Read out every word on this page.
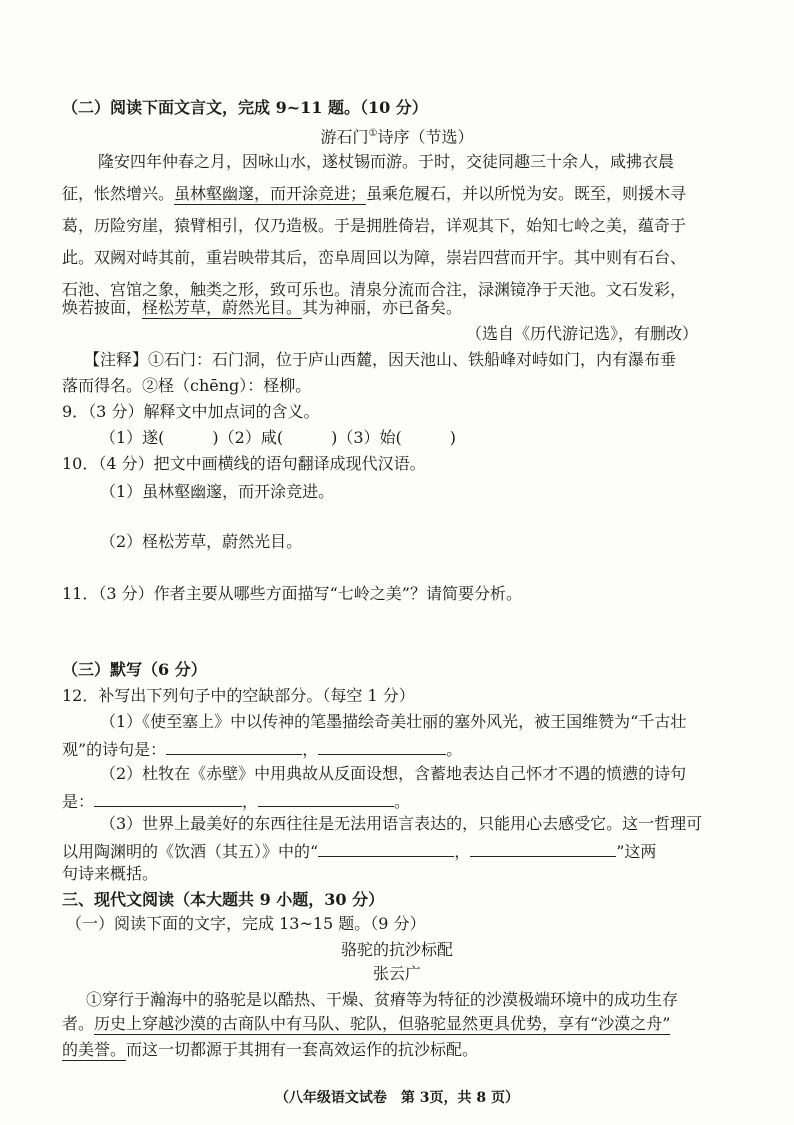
（二）阅读下面文言文，完成 9~11 题。（10 分）
游石门①诗序（节选）
隆安四年仲春之月，因咏山水，遂杖锡而游。于时，交徒同趣三十余人，咸拂衣晨
征，怅然增兴。虽林壑幽邃，而开涂竞进；虽乘危履石，并以所悦为安。既至，则援木寻
葛，历险穷崖，猿臂相引，仅乃造极。于是拥胜倚岩，详观其下，始知七岭之美，蕴奇于
此。双阙对峙其前，重岩映带其后，峦阜周回以为障，崇岩四营而开宇。其中则有石台、
石池、宫馆之象，触类之形，致可乐也。清泉分流而合注，渌渊镜净于天池。文石发彩，
焕若披面，柽松芳草，蔚然光目。其为神丽，亦已备矣。
（选自《历代游记选》，有删改）
【注释】①石门：石门洞，位于庐山西麓，因天池山、铁船峰对峙如门，内有瀑布垂
落而得名。②柽（chēng）：柽柳。
9．（3 分）解释文中加点词的含义。
（1）遂(　　　)（2）咸(　　　)（3）始(　　　)
10．（4 分）把文中画横线的语句翻译成现代汉语。
（1）虽林壑幽邃，而开涂竞进。
（2）柽松芳草，蔚然光目。
11．（3 分）作者主要从哪些方面描写“七岭之美”？请简要分析。
（三）默写（6 分）
12．补写出下列句子中的空缺部分。（每空 1 分）
（1）《使至塞上》中以传神的笔墨描绘奇美壮丽的塞外风光，被王国维赞为“千古壮
观”的诗句是：	，	。
（2）杜牧在《赤壁》中用典故从反面设想，含蓄地表达自己怀才不遇的愤懑的诗句
是：	，	。
（3）世界上最美好的东西往往是无法用语言表达的，只能用心去感受它。这一哲理可
以用陶渊明的《饮酒（其五）》中的“	，	”这两
句诗来概括。
三、现代文阅读（本大题共 9 小题，30 分）
（一）阅读下面的文字，完成 13~15 题。（9 分）
骆驼的抗沙标配
张云广
①穿行于瀚海中的骆驼是以酷热、干燥、贫瘠等为特征的沙漠极端环境中的成功生存
者。历史上穿越沙漠的古商队中有马队、驼队，但骆驼显然更具优势，享有“沙漠之舟”
的美誉。而这一切都源于其拥有一套高效运作的抗沙标配。
（八年级语文试卷　第 3页，共 8 页）
